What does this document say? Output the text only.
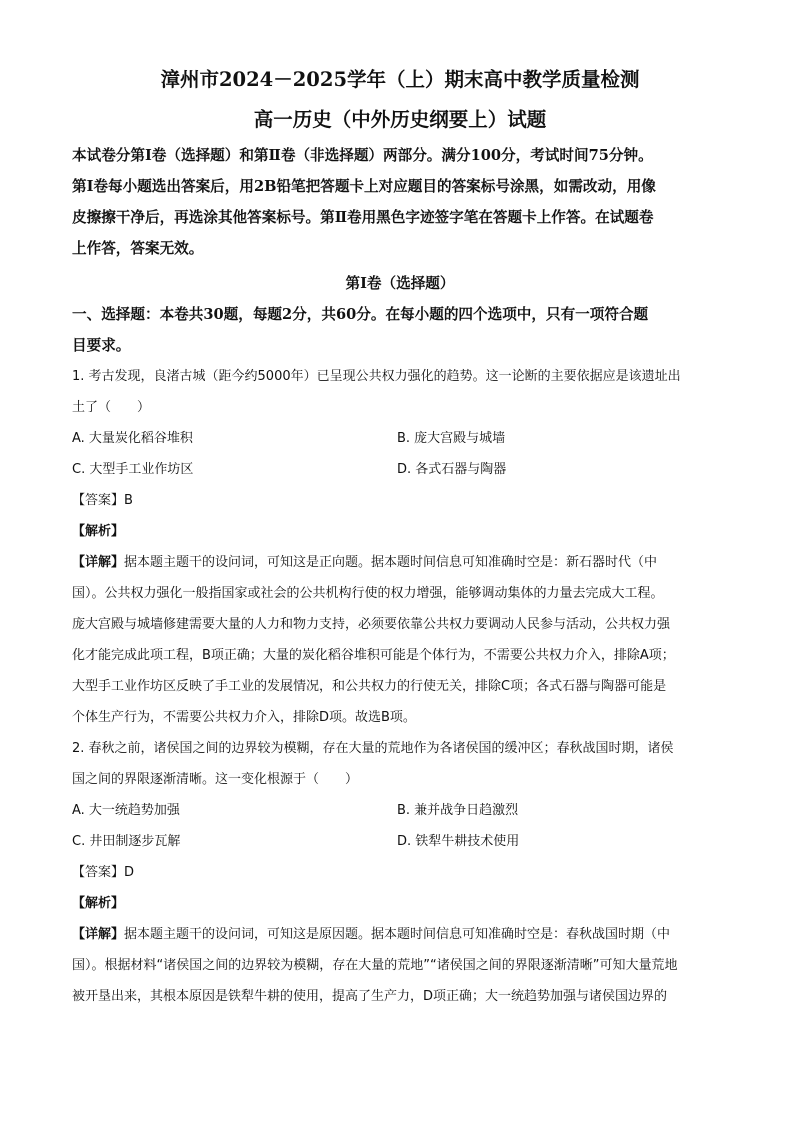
漳州市2024－2025学年（上）期末高中教学质量检测
高一历史（中外历史纲要上）试题
本试卷分第Ⅰ卷（选择题）和第Ⅱ卷（非选择题）两部分。满分100分，考试时间75分钟。
第Ⅰ卷每小题选出答案后，用2B铅笔把答题卡上对应题目的答案标号涂黑，如需改动，用像
皮擦擦干净后，再选涂其他答案标号。第Ⅱ卷用黑色字迹签字笔在答题卡上作答。在试题卷
上作答，答案无效。
第Ⅰ卷（选择题）
一、选择题：本卷共30题，每题2分，共60分。在每小题的四个选项中，只有一项符合题
目要求。
1. 考古发现，良渚古城（距今约5000年）已呈现公共权力强化的趋势。这一论断的主要依据应是该遗址出
土了（　　）
A. 大量炭化稻谷堆积	B. 庞大宫殿与城墙
C. 大型手工业作坊区	D. 各式石器与陶器
【答案】B
【解析】
【详解】据本题主题干的设问词，可知这是正向题。据本题时间信息可知准确时空是：新石器时代（中
国）。公共权力强化一般指国家或社会的公共机构行使的权力增强，能够调动集体的力量去完成大工程。
庞大宫殿与城墙修建需要大量的人力和物力支持，必须要依靠公共权力要调动人民参与活动，公共权力强
化才能完成此项工程，B项正确；大量的炭化稻谷堆积可能是个体行为，不需要公共权力介入，排除A项；
大型手工业作坊区反映了手工业的发展情况，和公共权力的行使无关，排除C项；各式石器与陶器可能是
个体生产行为，不需要公共权力介入，排除D项。故选B项。
2. 春秋之前，诸侯国之间的边界较为模糊，存在大量的荒地作为各诸侯国的缓冲区；春秋战国时期，诸侯
国之间的界限逐渐清晰。这一变化根源于（　　）
A. 大一统趋势加强	B. 兼并战争日趋激烈
C. 井田制逐步瓦解	D. 铁犁牛耕技术使用
【答案】D
【解析】
【详解】据本题主题干的设问词，可知这是原因题。据本题时间信息可知准确时空是：春秋战国时期（中
国）。根据材料“诸侯国之间的边界较为模糊，存在大量的荒地”“诸侯国之间的界限逐渐清晰”可知大量荒地
被开垦出来，其根本原因是铁犁牛耕的使用，提高了生产力，D项正确；大一统趋势加强与诸侯国边界的
